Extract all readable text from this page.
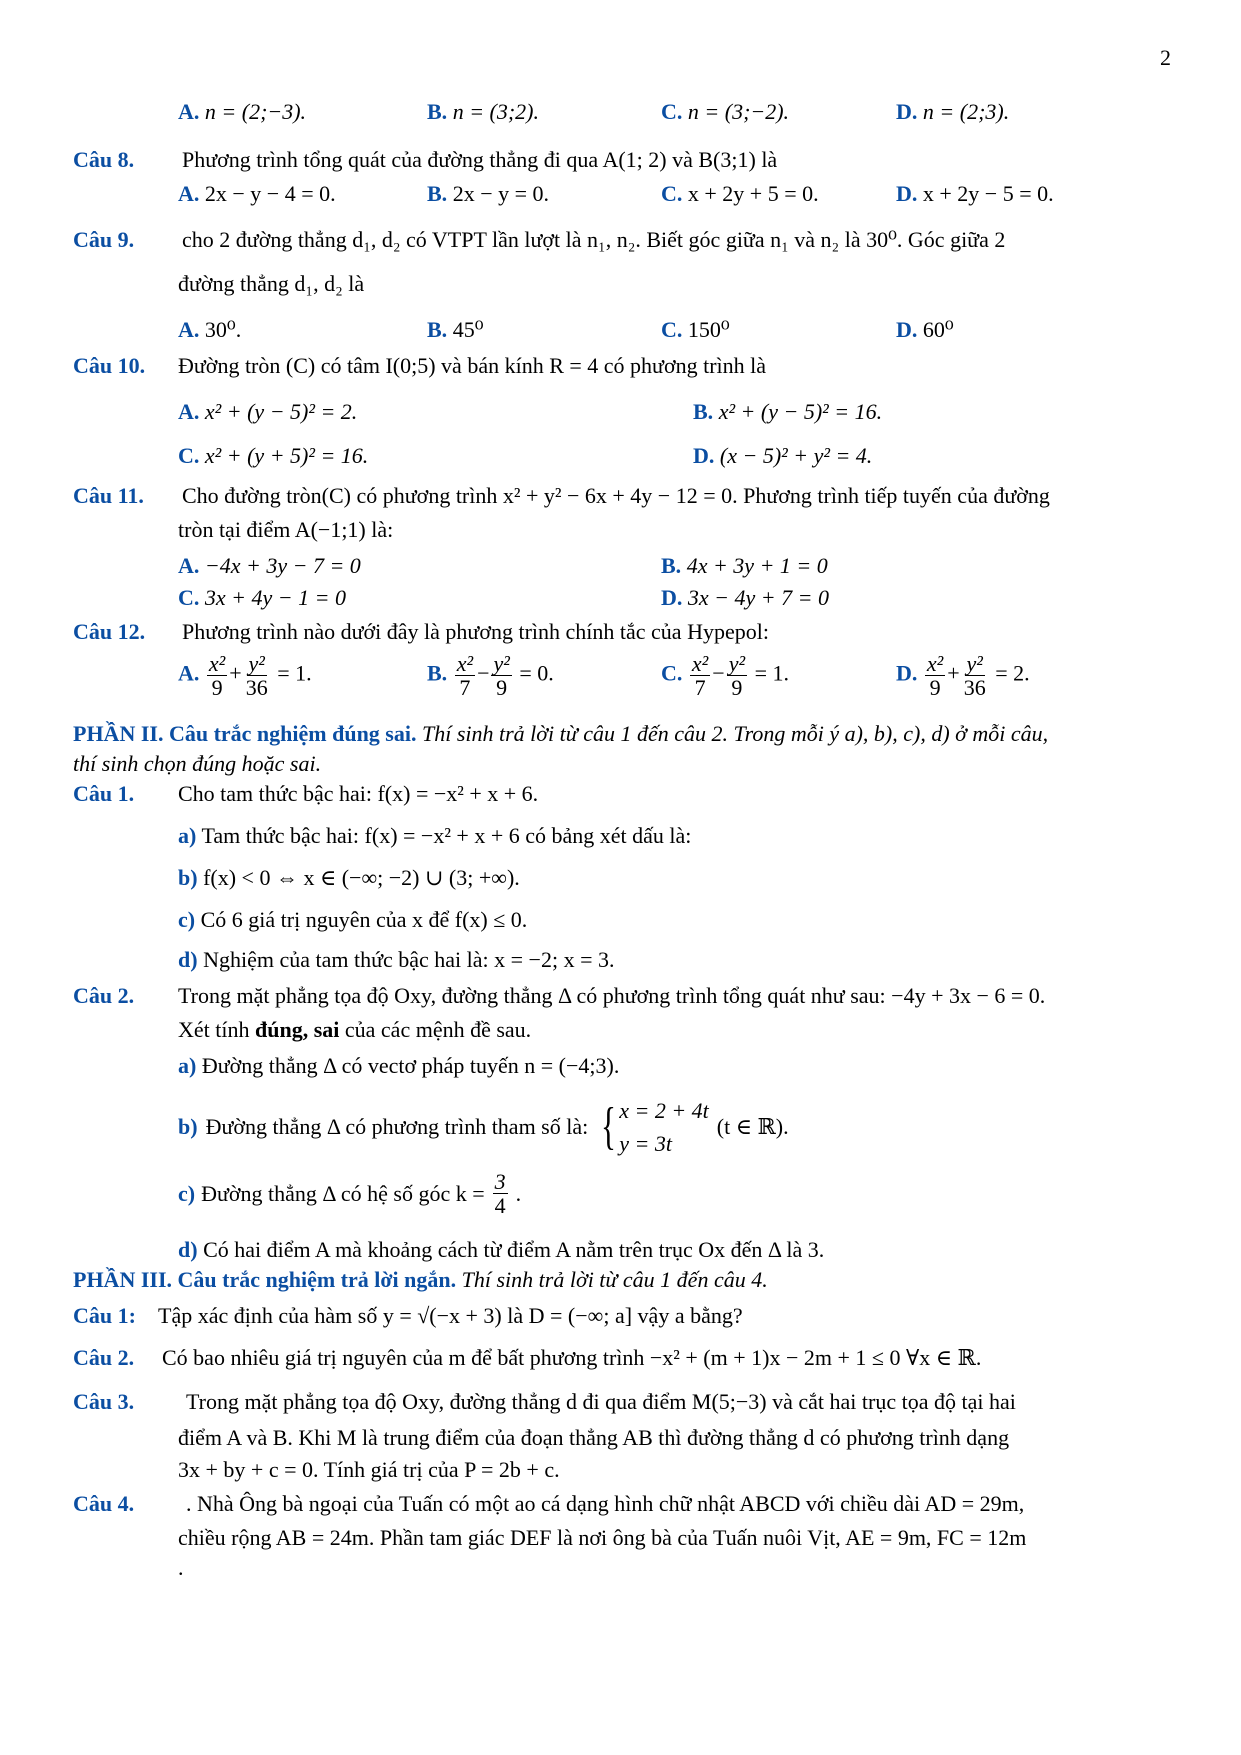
2
A. n = (2;−3).	B. n = (3;2).	C. n = (3;−2).	D. n = (2;3).
Câu 8. Phương trình tổng quát của đường thẳng đi qua A(1; 2) và B(3;1) là
A. 2x − y − 4 = 0.	B. 2x − y = 0.	C. x + 2y + 5 = 0.	D. x + 2y − 5 = 0.
Câu 9. cho 2 đường thẳng d₁, d₂ có VTPT lần lượt là n₁, n₂. Biết góc giữa n₁ và n₂ là 30⁰. Góc giữa 2
đường thẳng d₁, d₂ là
A. 30⁰.	B. 45⁰	C. 150⁰	D. 60⁰
Câu 10. Đường tròn (C) có tâm I(0;5) và bán kính R = 4 có phương trình là
A. x² + (y − 5)² = 2.	B. x² + (y − 5)² = 16.
C. x² + (y + 5)² = 16.	D. (x − 5)² + y² = 4.
Câu 11. Cho đường tròn(C) có phương trình x² + y² − 6x + 4y − 12 = 0. Phương trình tiếp tuyến của đường
tròn tại điểm A(−1;1) là:
A. −4x + 3y − 7 = 0	B. 4x + 3y + 1 = 0
C. 3x + 4y − 1 = 0	D. 3x − 4y + 7 = 0
Câu 12. Phương trình nào dưới đây là phương trình chính tắc của Hypepol:
A. $\frac{\text{x²}}{9} + \frac{\text{y²}}{36} = 1$.	B. $\frac{\text{x²}}{7} - \frac{\text{y²}}{9} = 0$.	C. $\frac{\text{x²}}{7} - \frac{\text{y²}}{9} = 1$.	D. $\frac{\text{x²}}{9} + \frac{\text{y²}}{36} = 2$.
PHẦN II. Câu trắc nghiệm đúng sai. Thí sinh trả lời từ câu 1 đến câu 2. Trong mỗi ý a), b), c), d) ở mỗi câu,
thí sinh chọn đúng hoặc sai.
Câu 1. Cho tam thức bậc hai: f(x) = −x² + x + 6.
a) Tam thức bậc hai: f(x) = −x² + x + 6 có bảng xét dấu là:
b) f(x) < 0 ⇔ x ∈ (−∞; −2) ∪ (3; +∞).
c) Có 6 giá trị nguyên của x để f(x) ≤ 0.
d) Nghiệm của tam thức bậc hai là: x = −2; x = 3.
Câu 2. Trong mặt phẳng tọa độ Oxy, đường thẳng Δ có phương trình tổng quát như sau: −4y + 3x − 6 = 0.
Xét tính đúng, sai của các mệnh đề sau.
a) Đường thẳng Δ có vectơ pháp tuyến n = (−4;3).
b) Đường thẳng Δ có phương trình tham số là: { x = 2 + 4t
y = 3t
(t ∈ ℝ).
c) Đường thẳng Δ có hệ số góc $k = \frac{3}{4}$ .
d) Có hai điểm A mà khoảng cách từ điểm A nằm trên trục Ox đến Δ là 3.
PHẦN III. Câu trắc nghiệm trả lời ngắn. Thí sinh trả lời từ câu 1 đến câu 4.
Câu 1: Tập xác định của hàm số y = √(−x + 3) là D = (−∞; a] vậy a bằng?
Câu 2. Có bao nhiêu giá trị nguyên của m để bất phương trình −x² + (m + 1)x − 2m + 1 ≤ 0 ∀x ∈ ℝ.
Câu 3. Trong mặt phẳng tọa độ Oxy, đường thẳng d đi qua điểm M(5;−3) và cắt hai trục tọa độ tại hai
điểm A và B. Khi M là trung điểm của đoạn thẳng AB thì đường thẳng d có phương trình dạng
3x + by + c = 0. Tính giá trị của P = 2b + c.
Câu 4. . Nhà Ông bà ngoại của Tuấn có một ao cá dạng hình chữ nhật ABCD với chiều dài AD = 29m,
chiều rộng AB = 24m. Phần tam giác DEF là nơi ông bà của Tuấn nuôi Vịt, AE = 9m, FC = 12m
.
